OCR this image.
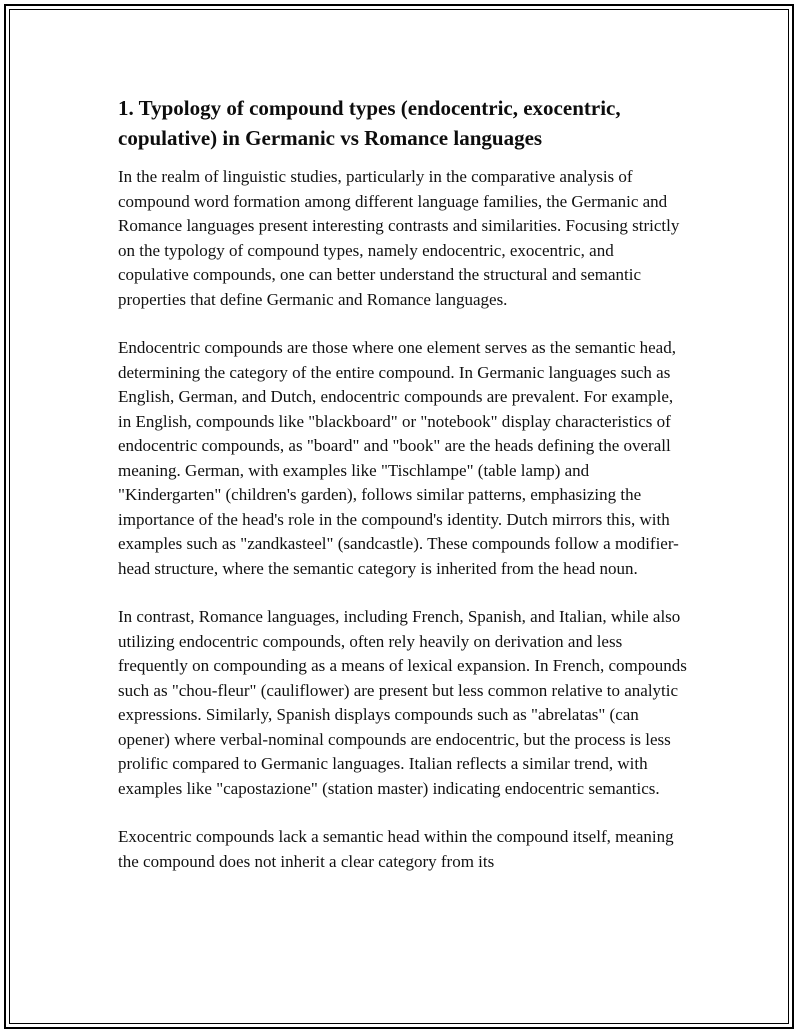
1. Typology of compound types (endocentric, exocentric, copulative) in Germanic vs Romance languages

In the realm of linguistic studies, particularly in the comparative analysis of compound word formation among different language families, the Germanic and Romance languages present interesting contrasts and similarities. Focusing strictly on the typology of compound types, namely endocentric, exocentric, and copulative compounds, one can better understand the structural and semantic properties that define Germanic and Romance languages.

Endocentric compounds are those where one element serves as the semantic head, determining the category of the entire compound. In Germanic languages such as English, German, and Dutch, endocentric compounds are prevalent. For example, in English, compounds like "blackboard" or "notebook" display characteristics of endocentric compounds, as "board" and "book" are the heads defining the overall meaning. German, with examples like "Tischlampe" (table lamp) and "Kindergarten" (children's garden), follows similar patterns, emphasizing the importance of the head's role in the compound's identity. Dutch mirrors this, with examples such as "zandkasteel" (sandcastle). These compounds follow a modifier-head structure, where the semantic category is inherited from the head noun.

In contrast, Romance languages, including French, Spanish, and Italian, while also utilizing endocentric compounds, often rely heavily on derivation and less frequently on compounding as a means of lexical expansion. In French, compounds such as "chou-fleur" (cauliflower) are present but less common relative to analytic expressions. Similarly, Spanish displays compounds such as "abrelatas" (can opener) where verbal-nominal compounds are endocentric, but the process is less prolific compared to Germanic languages. Italian reflects a similar trend, with examples like "capostazione" (station master) indicating endocentric semantics.

Exocentric compounds lack a semantic head within the compound itself, meaning the compound does not inherit a clear category from its
